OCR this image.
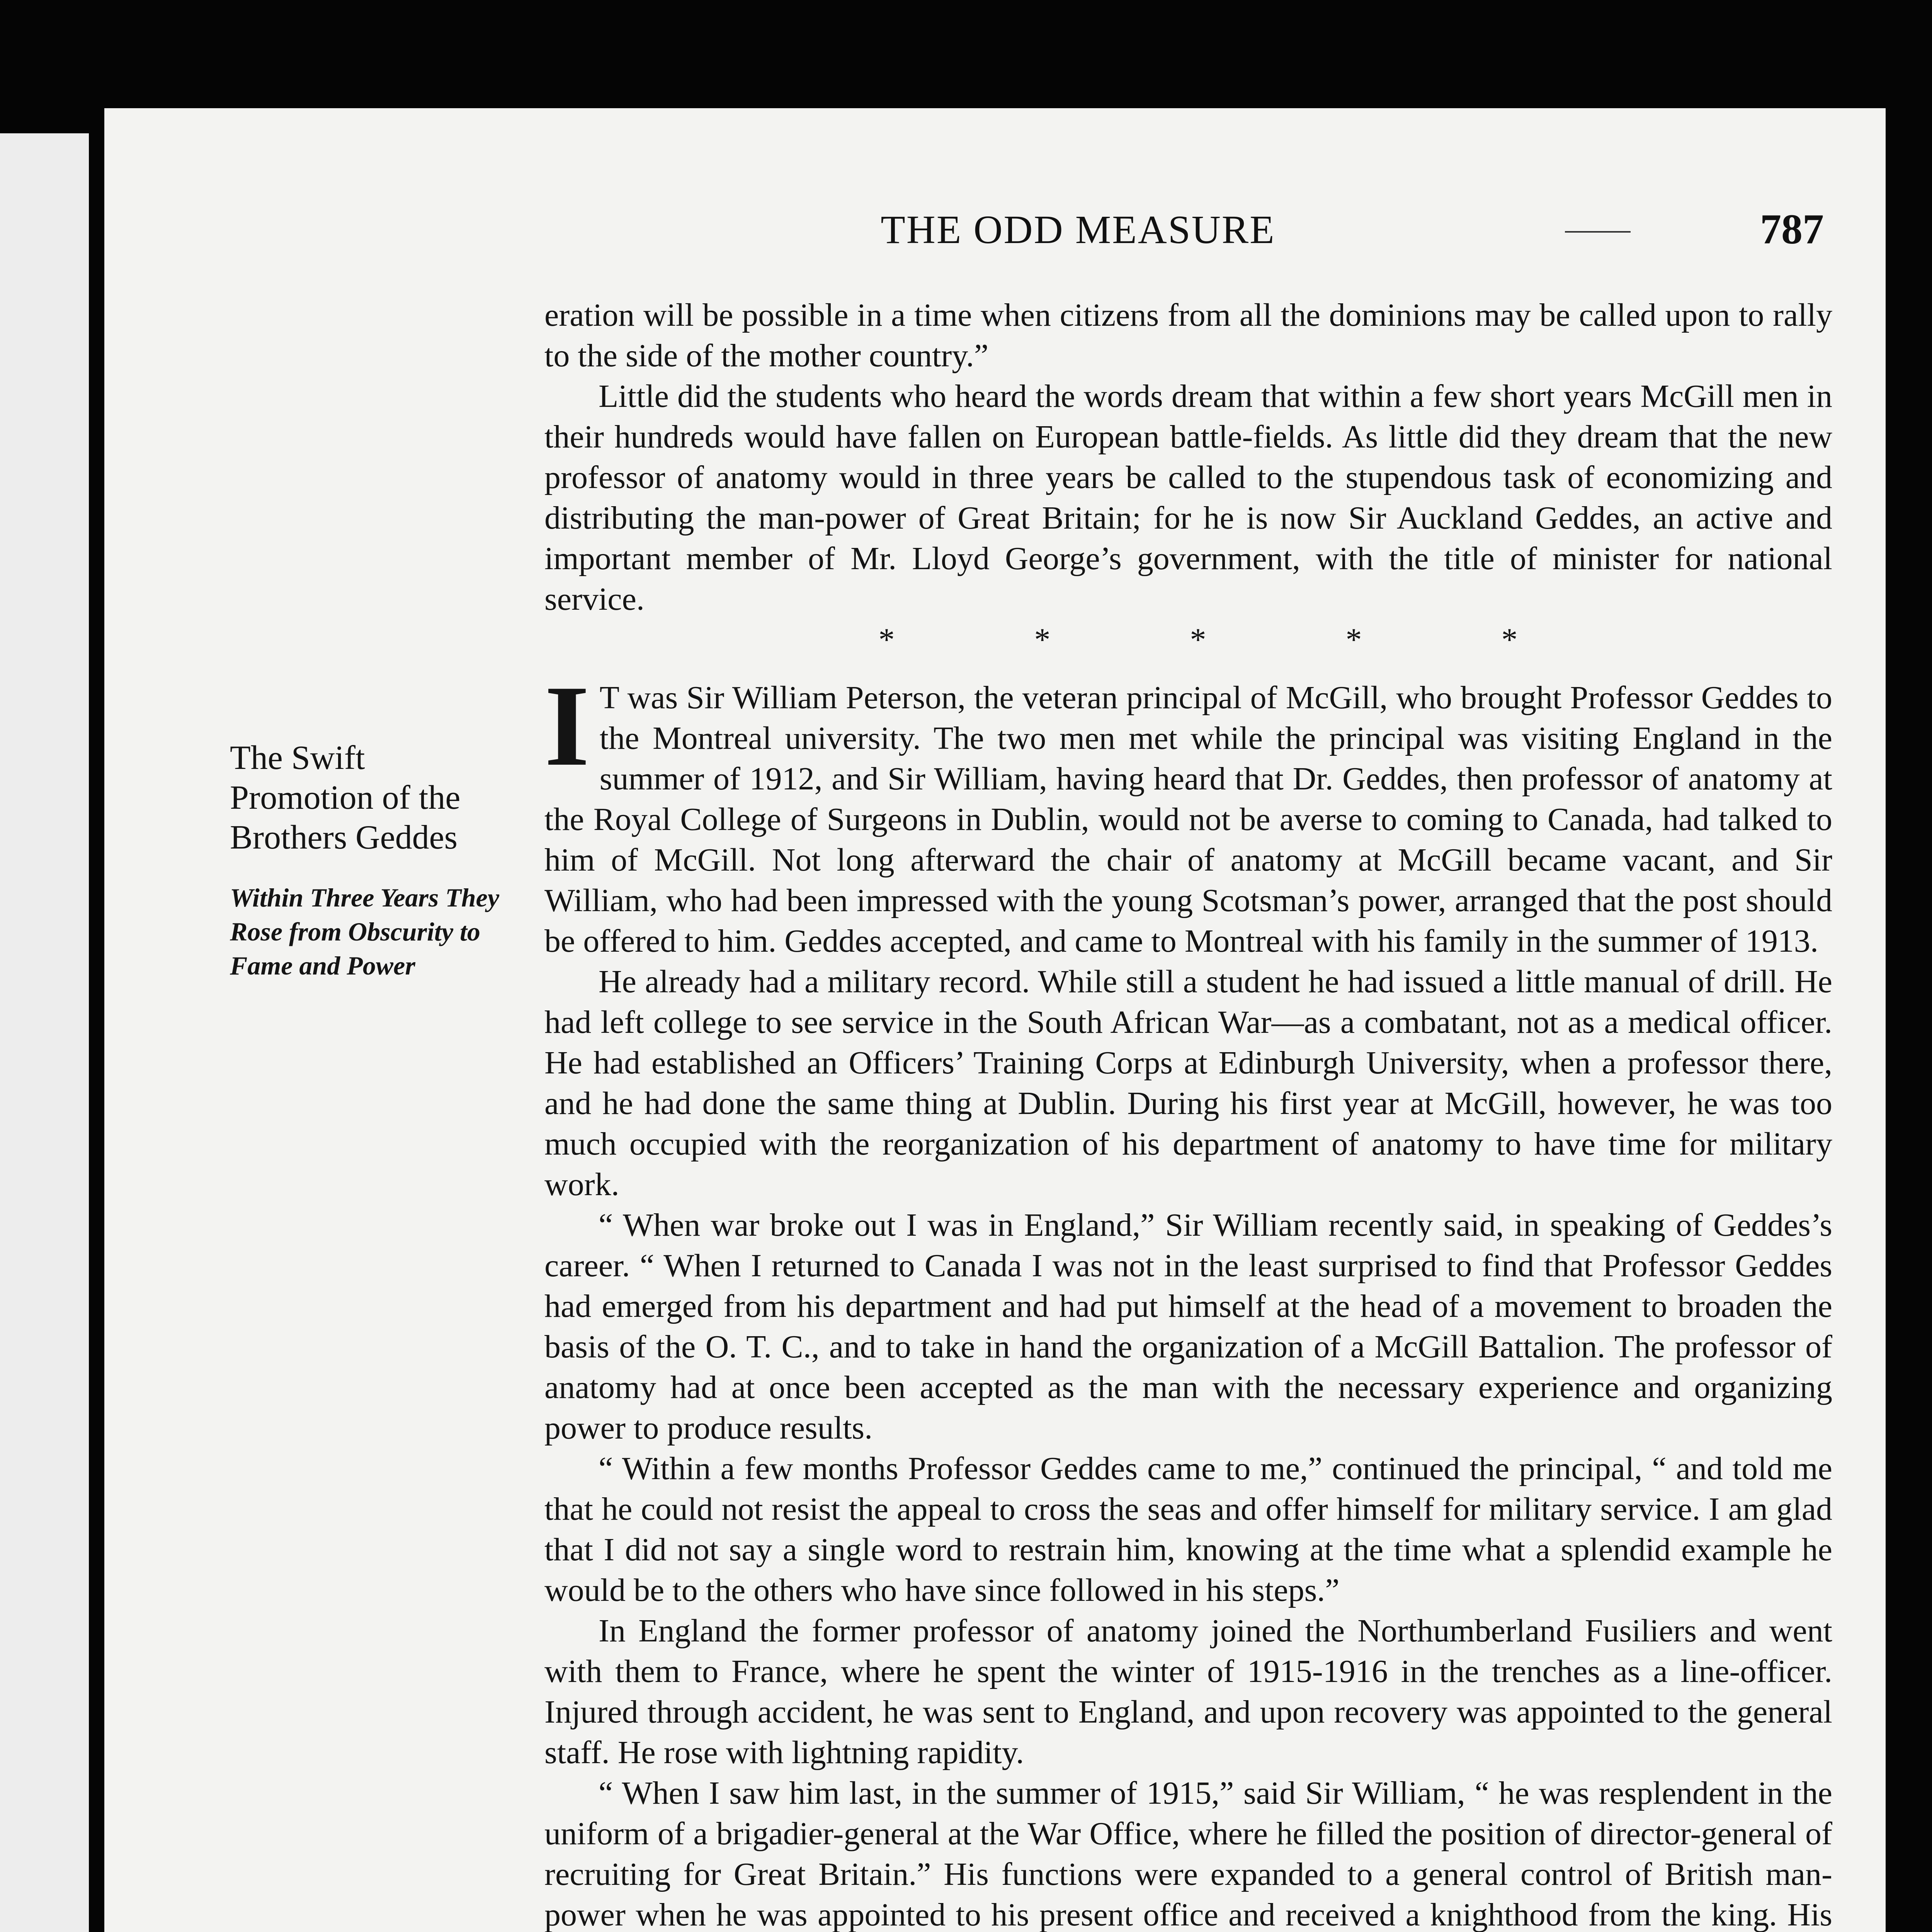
THE ODD MEASURE	787

The Swift Promotion of the Brothers Geddes

Within Three Years They Rose from Obscurity to Fame and Power

eration will be possible in a time when citizens from all the dominions may be called upon to rally to the side of the mother country.”

Little did the students who heard the words dream that within a few short years McGill men in their hundreds would have fallen on European battle-fields. As little did they dream that the new professor of anatomy would in three years be called to the stupendous task of economizing and distributing the man-power of Great Britain; for he is now Sir Auckland Geddes, an active and important member of Mr. Lloyd George’s government, with the title of minister for national service.

* * * * *

I T was Sir William Peterson, the veteran principal of McGill, who brought Professor Geddes to the Montreal university. The two men met while the principal was visiting England in the summer of 1912, and Sir William, having heard that Dr. Geddes, then professor of anatomy at the Royal College of Surgeons in Dublin, would not be averse to coming to Canada, had talked to him of McGill. Not long afterward the chair of anatomy at McGill became vacant, and Sir William, who had been impressed with the young Scotsman’s power, arranged that the post should be offered to him. Geddes accepted, and came to Montreal with his family in the summer of 1913.

He already had a military record. While still a student he had issued a little manual of drill. He had left college to see service in the South African War—as a combatant, not as a medical officer. He had established an Officers’ Training Corps at Edinburgh University, when a professor there, and he had done the same thing at Dublin. During his first year at McGill, however, he was too much occupied with the reorganization of his department of anatomy to have time for military work.

“ When war broke out I was in England,” Sir William recently said, in speaking of Geddes’s career. “ When I returned to Canada I was not in the least surprised to find that Professor Geddes had emerged from his department and had put himself at the head of a movement to broaden the basis of the O. T. C., and to take in hand the organization of a McGill Battalion. The professor of anatomy had at once been accepted as the man with the necessary experience and organizing power to produce results.

“ Within a few months Professor Geddes came to me,” continued the principal, “ and told me that he could not resist the appeal to cross the seas and offer himself for military service. I am glad that I did not say a single word to restrain him, knowing at the time what a splendid example he would be to the others who have since followed in his steps.”

In England the former professor of anatomy joined the Northumberland Fusiliers and went with them to France, where he spent the winter of 1915-1916 in the trenches as a line-officer. Injured through accident, he was sent to England, and upon recovery was appointed to the general staff. He rose with lightning rapidity.

“ When I saw him last, in the summer of 1915,” said Sir William, “ he was resplendent in the uniform of a brigadier-general at the War Office, where he filled the position of director-general of recruiting for Great Britain.” His functions were expanded to a general control of British man-power when he was appointed to his present office and received a knighthood from the king. His
